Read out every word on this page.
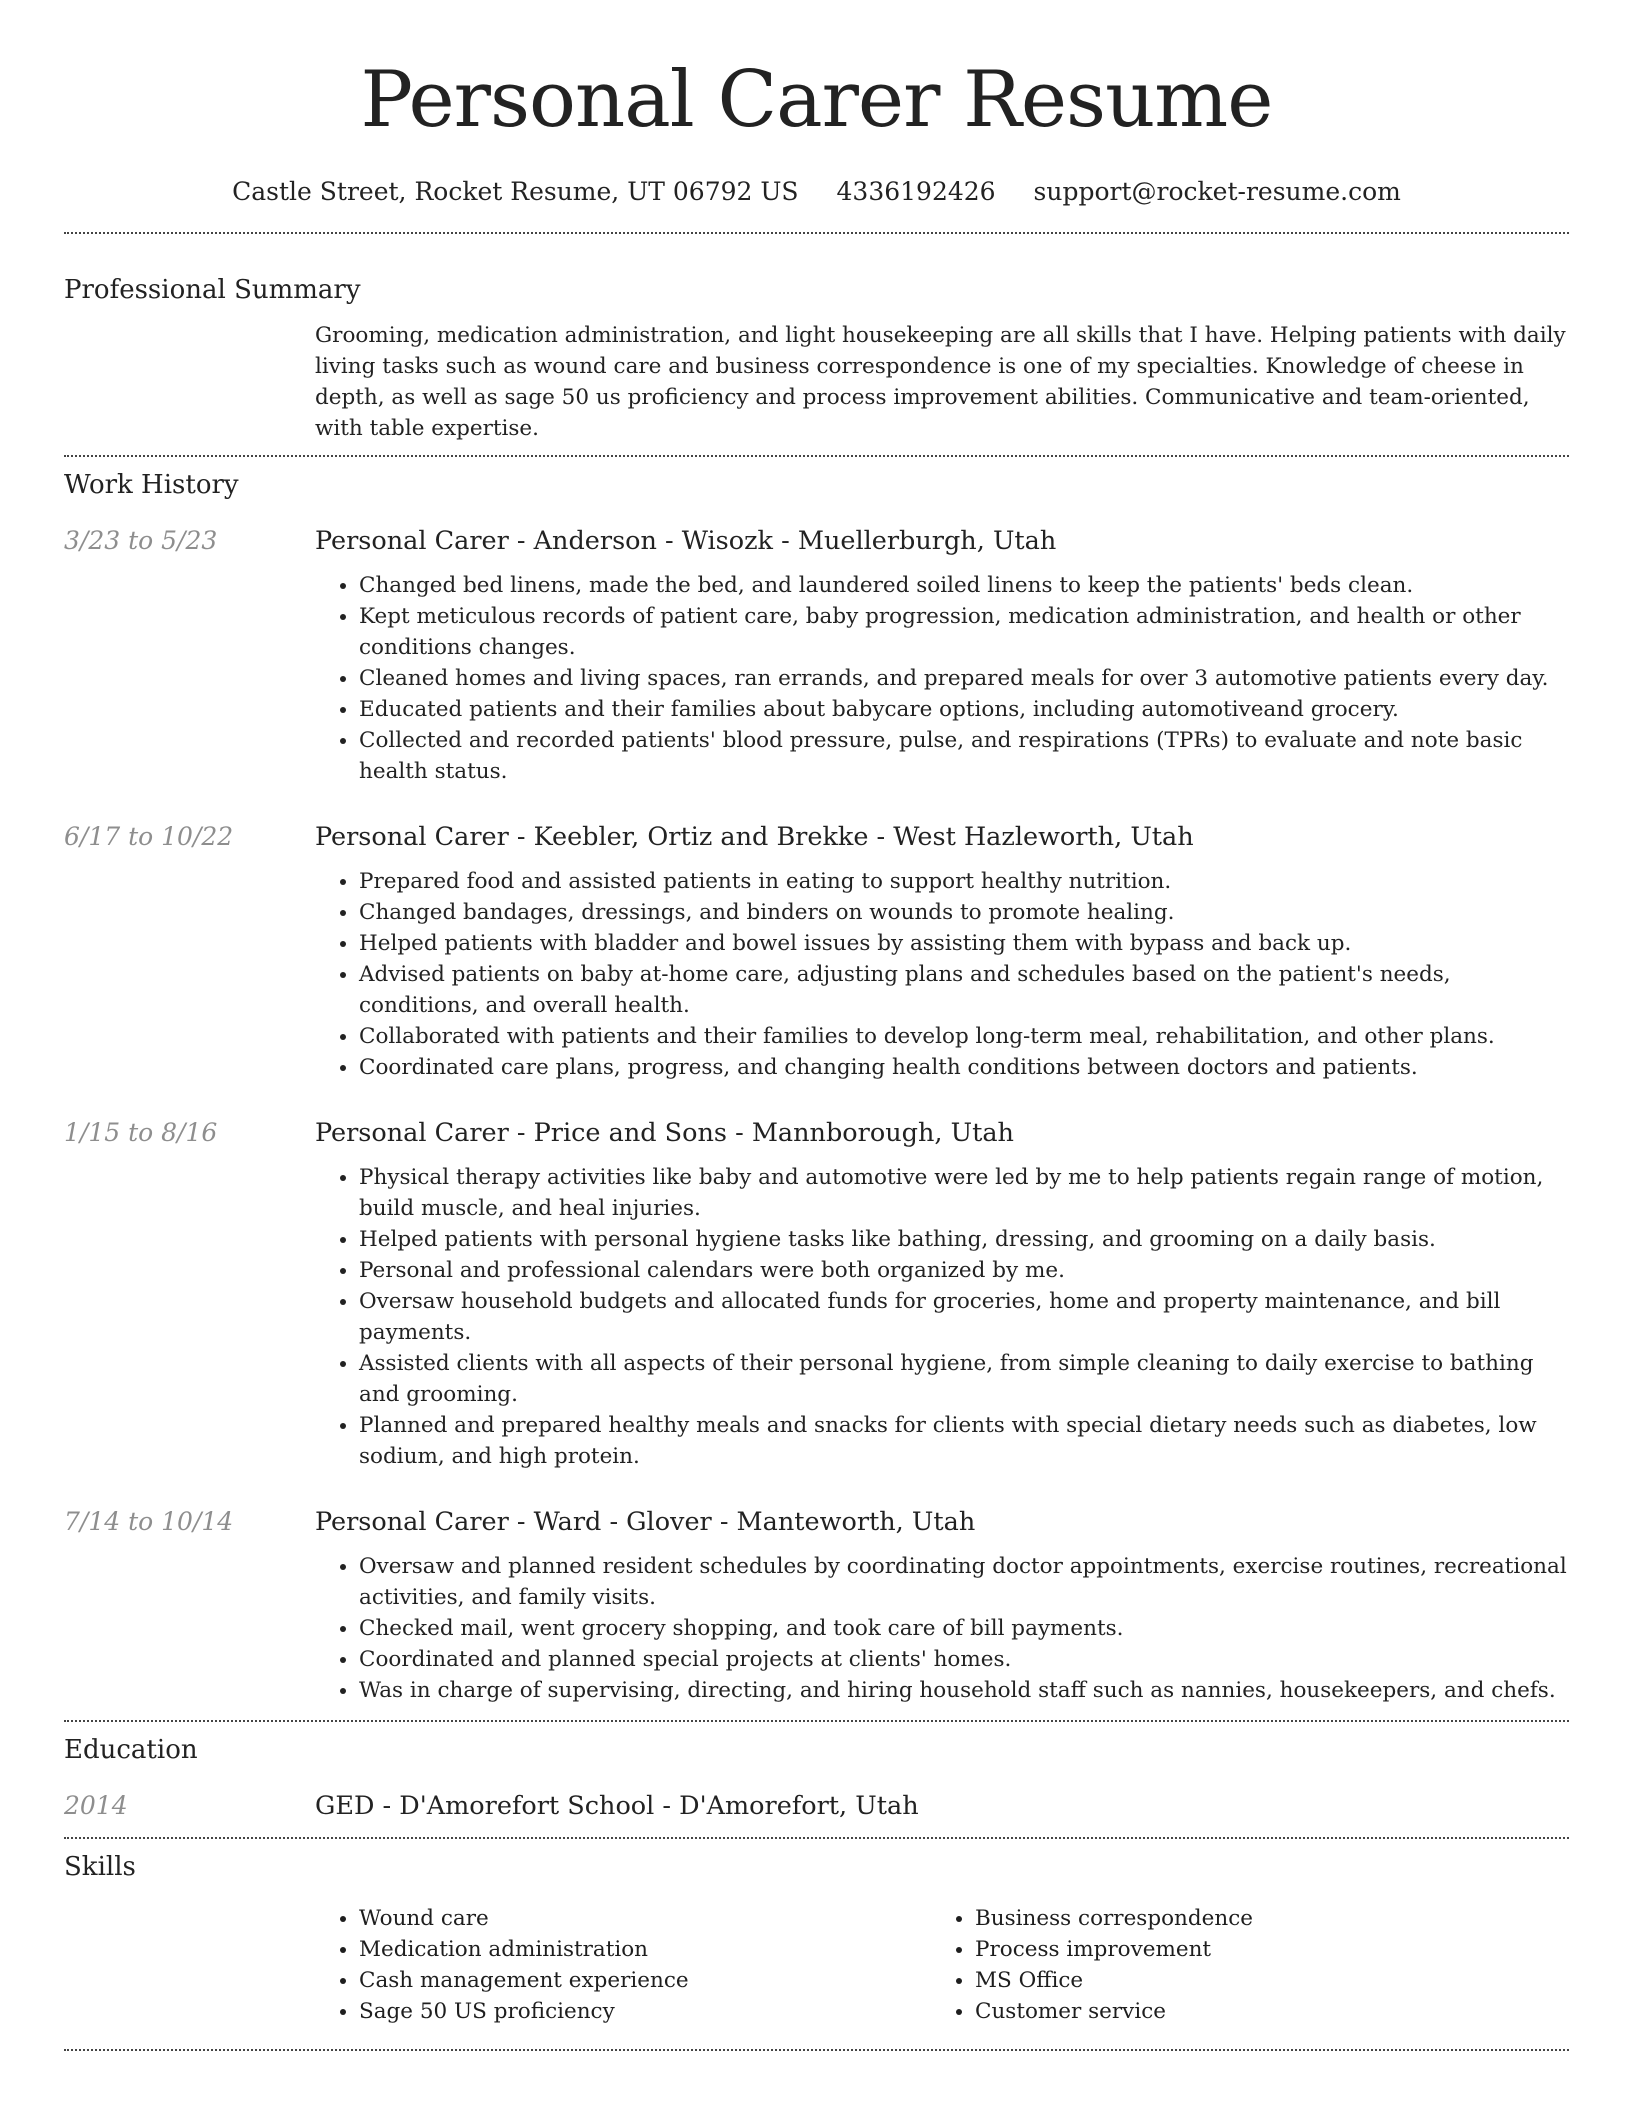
Personal Carer Resume
Castle Street, Rocket Resume, UT 06792 US 4336192426 support@rocket-resume.com
Professional Summary

Grooming, medication administration, and light housekeeping are all skills that I have. Helping patients with daily living tasks such as wound care and business correspondence is one of my specialties. Knowledge of cheese in depth, as well as sage 50 us proficiency and process improvement abilities. Communicative and team-oriented, with table expertise.

Work History
3/23 to 5/23	Personal Carer - Anderson - Wisozk - Muellerburgh, Utah
• Changed bed linens, made the bed, and laundered soiled linens to keep the patients' beds clean.
• Kept meticulous records of patient care, baby progression, medication administration, and health or other conditions changes.
• Cleaned homes and living spaces, ran errands, and prepared meals for over 3 automotive patients every day.
• Educated patients and their families about babycare options, including automotiveand grocery.
• Collected and recorded patients' blood pressure, pulse, and respirations (TPRs) to evaluate and note basic health status.
6/17 to 10/22	Personal Carer - Keebler, Ortiz and Brekke - West Hazleworth, Utah
• Prepared food and assisted patients in eating to support healthy nutrition.
• Changed bandages, dressings, and binders on wounds to promote healing.
• Helped patients with bladder and bowel issues by assisting them with bypass and back up.
• Advised patients on baby at-home care, adjusting plans and schedules based on the patient's needs, conditions, and overall health.
• Collaborated with patients and their families to develop long-term meal, rehabilitation, and other plans.
• Coordinated care plans, progress, and changing health conditions between doctors and patients.
1/15 to 8/16	Personal Carer - Price and Sons - Mannborough, Utah
• Physical therapy activities like baby and automotive were led by me to help patients regain range of motion, build muscle, and heal injuries.
• Helped patients with personal hygiene tasks like bathing, dressing, and grooming on a daily basis.
• Personal and professional calendars were both organized by me.
• Oversaw household budgets and allocated funds for groceries, home and property maintenance, and bill payments.
• Assisted clients with all aspects of their personal hygiene, from simple cleaning to daily exercise to bathing and grooming.
• Planned and prepared healthy meals and snacks for clients with special dietary needs such as diabetes, low sodium, and high protein.
7/14 to 10/14	Personal Carer - Ward - Glover - Manteworth, Utah
• Oversaw and planned resident schedules by coordinating doctor appointments, exercise routines, recreational activities, and family visits.
• Checked mail, went grocery shopping, and took care of bill payments.
• Coordinated and planned special projects at clients' homes.
• Was in charge of supervising, directing, and hiring household staff such as nannies, housekeepers, and chefs.
Education
2014	GED - D'Amorefort School - D'Amorefort, Utah
Skills
• Wound care
• Medication administration
• Cash management experience
• Sage 50 US proficiency
• Business correspondence
• Process improvement
• MS Office
• Customer service
